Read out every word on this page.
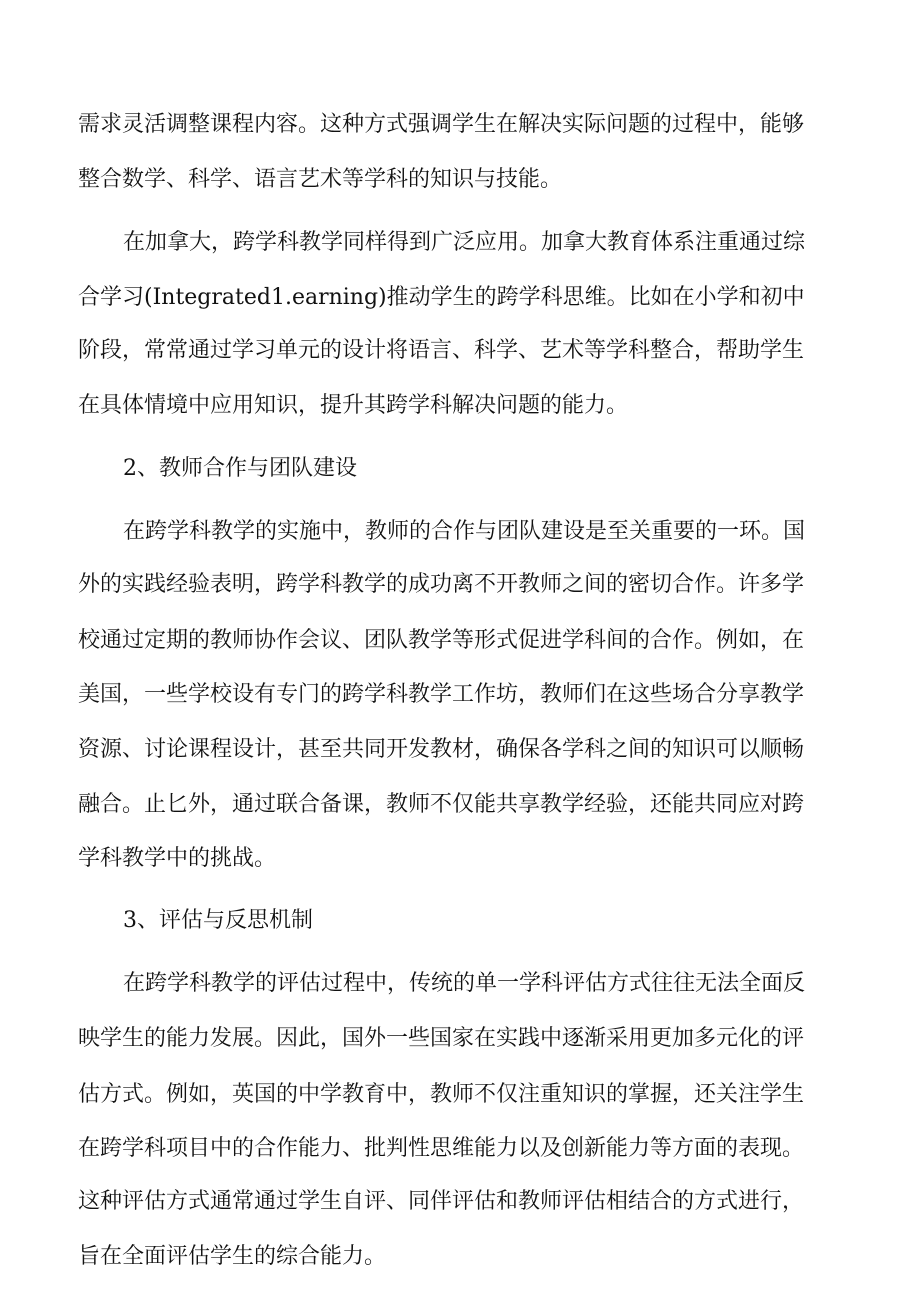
需求灵活调整课程内容。这种方式强调学生在解决实际问题的过程中，能够
整合数学、科学、语言艺术等学科的知识与技能。
在加拿大，跨学科教学同样得到广泛应用。加拿大教育体系注重通过综
合学习(Integrated1.earning)推动学生的跨学科思维。比如在小学和初中
阶段，常常通过学习单元的设计将语言、科学、艺术等学科整合，帮助学生
在具体情境中应用知识，提升其跨学科解决问题的能力。
2、教师合作与团队建设
在跨学科教学的实施中，教师的合作与团队建设是至关重要的一环。国
外的实践经验表明，跨学科教学的成功离不开教师之间的密切合作。许多学
校通过定期的教师协作会议、团队教学等形式促进学科间的合作。例如，在
美国，一些学校设有专门的跨学科教学工作坊，教师们在这些场合分享教学
资源、讨论课程设计，甚至共同开发教材，确保各学科之间的知识可以顺畅
融合。止匕外，通过联合备课，教师不仅能共享教学经验，还能共同应对跨
学科教学中的挑战。
3、评估与反思机制
在跨学科教学的评估过程中，传统的单一学科评估方式往往无法全面反
映学生的能力发展。因此，国外一些国家在实践中逐渐采用更加多元化的评
估方式。例如，英国的中学教育中，教师不仅注重知识的掌握，还关注学生
在跨学科项目中的合作能力、批判性思维能力以及创新能力等方面的表现。
这种评估方式通常通过学生自评、同伴评估和教师评估相结合的方式进行，
旨在全面评估学生的综合能力。
